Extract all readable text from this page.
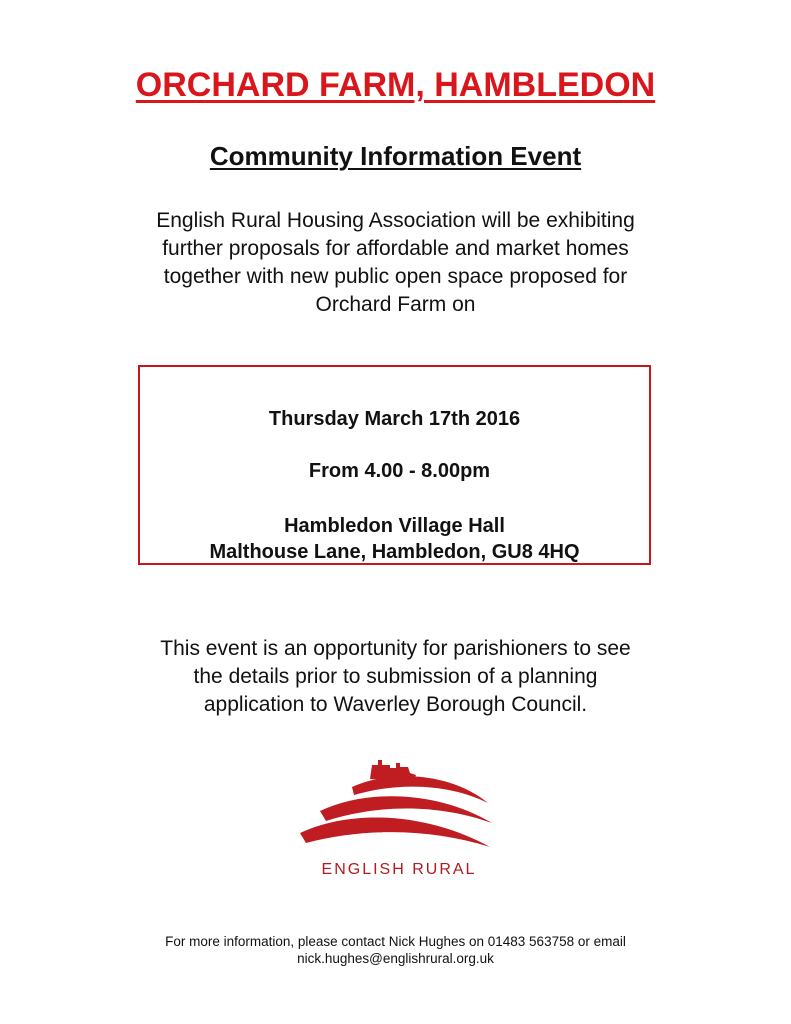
ORCHARD FARM, HAMBLEDON
Community Information Event
English Rural Housing Association will be exhibiting
further proposals for affordable and market homes
together with new public open space proposed for
Orchard Farm on
Thursday March 17th 2016
From 4.00 - 8.00pm
Hambledon Village Hall
Malthouse Lane, Hambledon, GU8 4HQ
This event is an opportunity for parishioners to see
the details prior to submission of a planning
application to Waverley Borough Council.
ENGLISH RURAL
For more information, please contact Nick Hughes on 01483 563758 or email
nick.hughes@englishrural.org.uk
